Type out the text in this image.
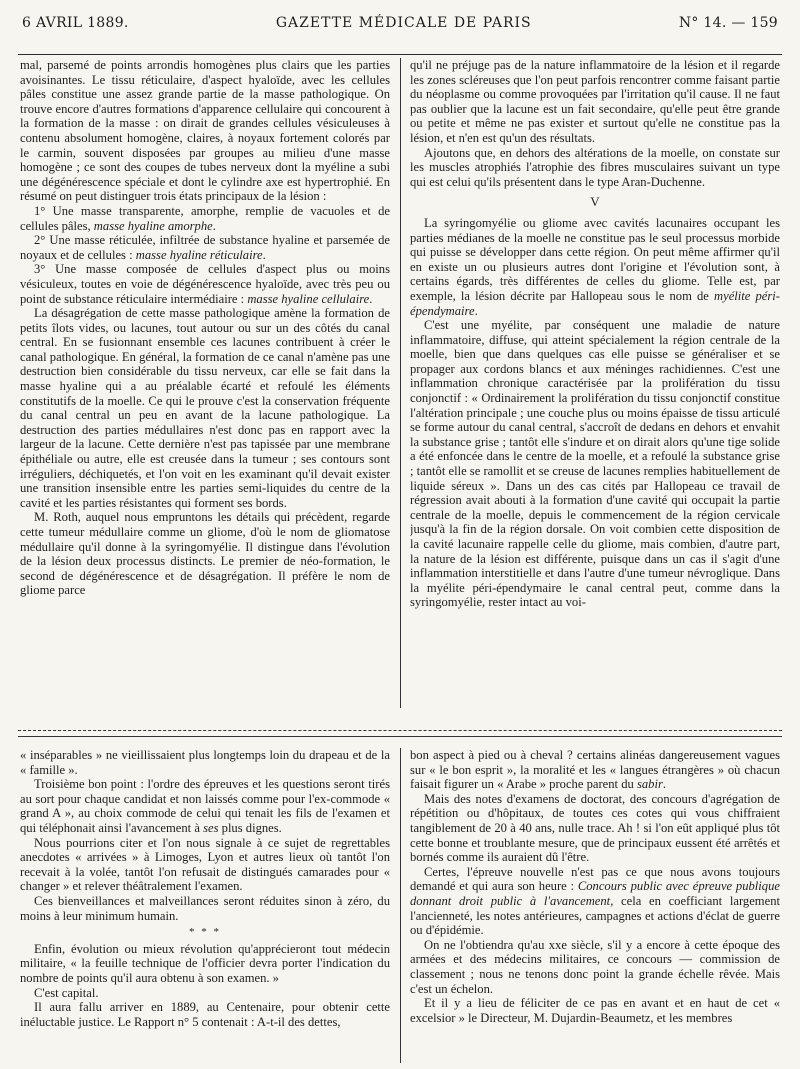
6 AVRIL 1889.	GAZETTE MÉDICALE DE PARIS	N° 14. — 159

mal, parsemé de points arrondis homogènes plus clairs que les parties avoisinantes. Le tissu réticulaire, d'aspect hyaloïde, avec les cellules pâles constitue une assez grande partie de la masse pathologique. On trouve encore d'autres formations d'apparence cellulaire qui concourent à la formation de la masse : on dirait de grandes cellules vésiculeuses à contenu absolument homogène, claires, à noyaux fortement colorés par le carmin, souvent disposées par groupes au milieu d'une masse homogène ; ce sont des coupes de tubes nerveux dont la myéline a subi une dégénérescence spéciale et dont le cylindre axe est hypertrophié. En résumé on peut distinguer trois états principaux de la lésion :

1° Une masse transparente, amorphe, remplie de vacuoles et de cellules pâles, masse hyaline amorphe.

2° Une masse réticulée, infiltrée de substance hyaline et parsemée de noyaux et de cellules : masse hyaline réticulaire.

3° Une masse composée de cellules d'aspect plus ou moins vésiculeux, toutes en voie de dégénérescence hyaloïde, avec très peu ou point de substance réticulaire intermédiaire : masse hyaline cellulaire.

La désagrégation de cette masse pathologique amène la formation de petits îlots vides, ou lacunes, tout autour ou sur un des côtés du canal central. En se fusionnant ensemble ces lacunes contribuent à créer le canal pathologique. En général, la formation de ce canal n'amène pas une destruction bien considérable du tissu nerveux, car elle se fait dans la masse hyaline qui a au préalable écarté et refoulé les éléments constitutifs de la moelle. Ce qui le prouve c'est la conservation fréquente du canal central un peu en avant de la lacune pathologique. La destruction des parties médullaires n'est donc pas en rapport avec la largeur de la lacune. Cette dernière n'est pas tapissée par une membrane épithéliale ou autre, elle est creusée dans la tumeur ; ses contours sont irréguliers, déchiquetés, et l'on voit en les examinant qu'il devait exister une transition insensible entre les parties semi-liquides du centre de la cavité et les parties résistantes qui forment ses bords.

M. Roth, auquel nous empruntons les détails qui précèdent, regarde cette tumeur médullaire comme un gliome, d'où le nom de gliomatose médullaire qu'il donne à la syringomyélie. Il distingue dans l'évolution de la lésion deux processus distincts. Le premier de néo-formation, le second de dégénérescence et de désagrégation. Il préfère le nom de gliome parce

qu'il ne préjuge pas de la nature inflammatoire de la lésion et il regarde les zones scléreuses que l'on peut parfois rencontrer comme faisant partie du néoplasme ou comme provoquées par l'irritation qu'il cause. Il ne faut pas oublier que la lacune est un fait secondaire, qu'elle peut être grande ou petite et même ne pas exister et surtout qu'elle ne constitue pas la lésion, et n'en est qu'un des résultats.

Ajoutons que, en dehors des altérations de la moelle, on constate sur les muscles atrophiés l'atrophie des fibres musculaires suivant un type qui est celui qu'ils présentent dans le type Aran-Duchenne.

V

La syringomyélie ou gliome avec cavités lacunaires occupant les parties médianes de la moelle ne constitue pas le seul processus morbide qui puisse se développer dans cette région. On peut même affirmer qu'il en existe un ou plusieurs autres dont l'origine et l'évolution sont, à certains égards, très différentes de celles du gliome. Telle est, par exemple, la lésion décrite par Hallopeau sous le nom de myélite péri-épendymaire.

C'est une myélite, par conséquent une maladie de nature inflammatoire, diffuse, qui atteint spécialement la région centrale de la moelle, bien que dans quelques cas elle puisse se généraliser et se propager aux cordons blancs et aux méninges rachidiennes. C'est une inflammation chronique caractérisée par la prolifération du tissu conjonctif : « Ordinairement la prolifération du tissu conjonctif constitue l'altération principale ; une couche plus ou moins épaisse de tissu articulé se forme autour du canal central, s'accroît de dedans en dehors et envahit la substance grise ; tantôt elle s'indure et on dirait alors qu'une tige solide a été enfoncée dans le centre de la moelle, et a refoulé la substance grise ; tantôt elle se ramollit et se creuse de lacunes remplies habituellement de liquide séreux ». Dans un des cas cités par Hallopeau ce travail de régression avait abouti à la formation d'une cavité qui occupait la partie centrale de la moelle, depuis le commencement de la région cervicale jusqu'à la fin de la région dorsale. On voit combien cette disposition de la cavité lacunaire rappelle celle du gliome, mais combien, d'autre part, la nature de la lésion est différente, puisque dans un cas il s'agit d'une inflammation interstitielle et dans l'autre d'une tumeur névroglique. Dans la myélite péri-épendymaire le canal central peut, comme dans la syringomyélie, rester intact au voi-

« inséparables » ne vieillissaient plus longtemps loin du drapeau et de la « famille ».

Troisième bon point : l'ordre des épreuves et les questions seront tirés au sort pour chaque candidat et non laissés comme pour l'ex-commode « grand A », au choix commode de celui qui tenait les fils de l'examen et qui téléphonait ainsi l'avancement à ses plus dignes.

Nous pourrions citer et l'on nous signale à ce sujet de regrettables anecdotes « arrivées » à Limoges, Lyon et autres lieux où tantôt l'on recevait à la volée, tantôt l'on refusait de distingués camarades pour « changer » et relever théâtralement l'examen.

Ces bienveillances et malveillances seront réduites sinon à zéro, du moins à leur minimum humain.

* * *

Enfin, évolution ou mieux révolution qu'apprécieront tout médecin militaire, « la feuille technique de l'officier devra porter l'indication du nombre de points qu'il aura obtenu à son examen. »

C'est capital.

Il aura fallu arriver en 1889, au Centenaire, pour obtenir cette inéluctable justice. Le Rapport n° 5 contenait : A-t-il des dettes,

bon aspect à pied ou à cheval ? certains alinéas dangereusement vagues sur « le bon esprit », la moralité et les « langues étrangères » où chacun faisait figurer un « Arabe » proche parent du sabir.

Mais des notes d'examens de doctorat, des concours d'agrégation de répétition ou d'hôpitaux, de toutes ces cotes qui vous chiffraient tangiblement de 20 à 40 ans, nulle trace. Ah ! si l'on eût appliqué plus tôt cette bonne et troublante mesure, que de principaux eussent été arrêtés et bornés comme ils auraient dû l'être.

Certes, l'épreuve nouvelle n'est pas ce que nous avons toujours demandé et qui aura son heure : Concours public avec épreuve publique donnant droit public à l'avancement, cela en coefficiant largement l'ancienneté, les notes antérieures, campagnes et actions d'éclat de guerre ou d'épidémie.

On ne l'obtiendra qu'au xxe siècle, s'il y a encore à cette époque des armées et des médecins militaires, ce concours — commission de classement ; nous ne tenons donc point la grande échelle rêvée. Mais c'est un échelon.

Et il y a lieu de féliciter de ce pas en avant et en haut de cet « excelsior » le Directeur, M. Dujardin-Beaumetz, et les membres
